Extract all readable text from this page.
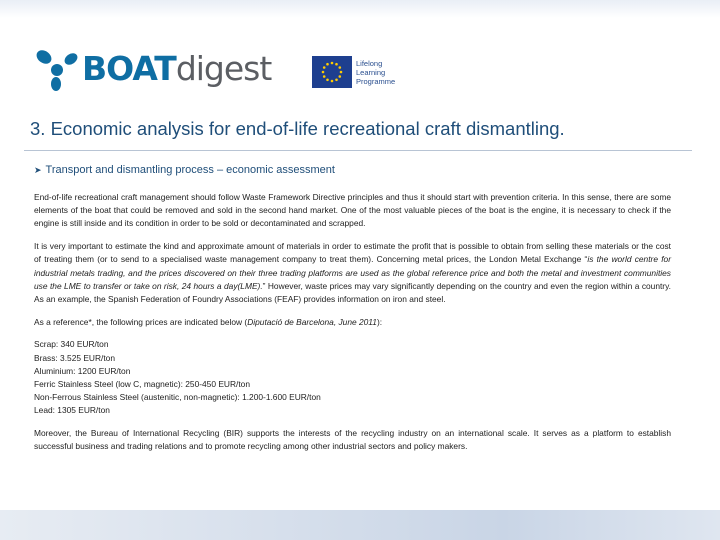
BOATdigest	Lifelong
Learning
Programme
3. Economic analysis for end-of-life recreational craft dismantling.
➤ Transport and dismantling process – economic assessment

End-of-life recreational craft management should follow Waste Framework Directive principles and thus it should start with prevention criteria. In this sense, there are some elements of the boat that could be removed and sold in the second hand market. One of the most valuable pieces of the boat is the engine, it is necessary to check if the engine is still inside and its condition in order to be sold or decontaminated and scrapped.

It is very important to estimate the kind and approximate amount of materials in order to estimate the profit that is possible to obtain from selling these materials or the cost of treating them (or to send to a specialised waste management company to treat them). Concerning metal prices, the London Metal Exchange “is the world centre for industrial metals trading, and the prices discovered on their three trading platforms are used as the global reference price and both the metal and investment communities use the LME to transfer or take on risk, 24 hours a day(LME).” However, waste prices may vary significantly depending on the country and even the region within a country. As an example, the Spanish Federation of Foundry Associations (FEAF) provides information on iron and steel.

As a reference*, the following prices are indicated below (Diputació de Barcelona, June 2011):

Scrap: 340 EUR/ton
Brass: 3.525 EUR/ton
Aluminium: 1200 EUR/ton
Ferric Stainless Steel (low C, magnetic): 250-450 EUR/ton
Non-Ferrous Stainless Steel (austenitic, non-magnetic): 1.200-1.600 EUR/ton
Lead: 1305 EUR/ton

Moreover, the Bureau of International Recycling (BIR) supports the interests of the recycling industry on an international scale. It serves as a platform to establish successful business and trading relations and to promote recycling among other industrial sectors and policy makers.
